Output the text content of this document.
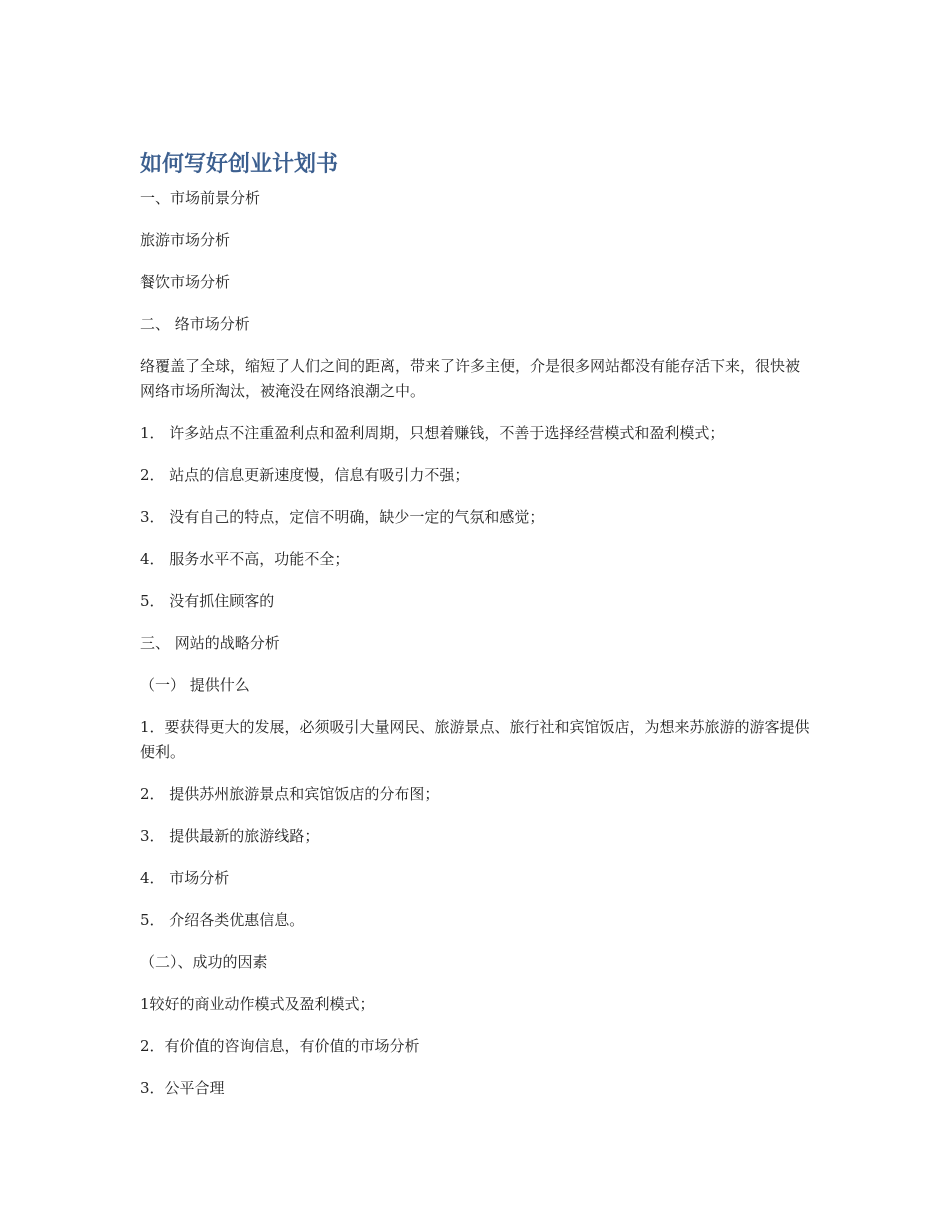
如何写好创业计划书

一、市场前景分析

旅游市场分析

餐饮市场分析

二、 络市场分析

络覆盖了全球，缩短了人们之间的距离，带来了许多主便，介是很多网站都没有能存活下来，很快被网络市场所淘汰，被淹没在网络浪潮之中。

1． 许多站点不注重盈利点和盈利周期，只想着赚钱，不善于选择经营模式和盈利模式；

2． 站点的信息更新速度慢，信息有吸引力不强；

3． 没有自己的特点，定信不明确，缺少一定的气氛和感觉；

4． 服务水平不高，功能不全；

5． 没有抓住顾客的

三、 网站的战略分析

（一） 提供什么

1．要获得更大的发展，必须吸引大量网民、旅游景点、旅行社和宾馆饭店，为想来苏旅游的游客提供便利。

2． 提供苏州旅游景点和宾馆饭店的分布图；

3． 提供最新的旅游线路；

4． 市场分析

5． 介绍各类优惠信息。

（二）、成功的因素

1较好的商业动作模式及盈利模式；

2．有价值的咨询信息，有价值的市场分析

3．公平合理
